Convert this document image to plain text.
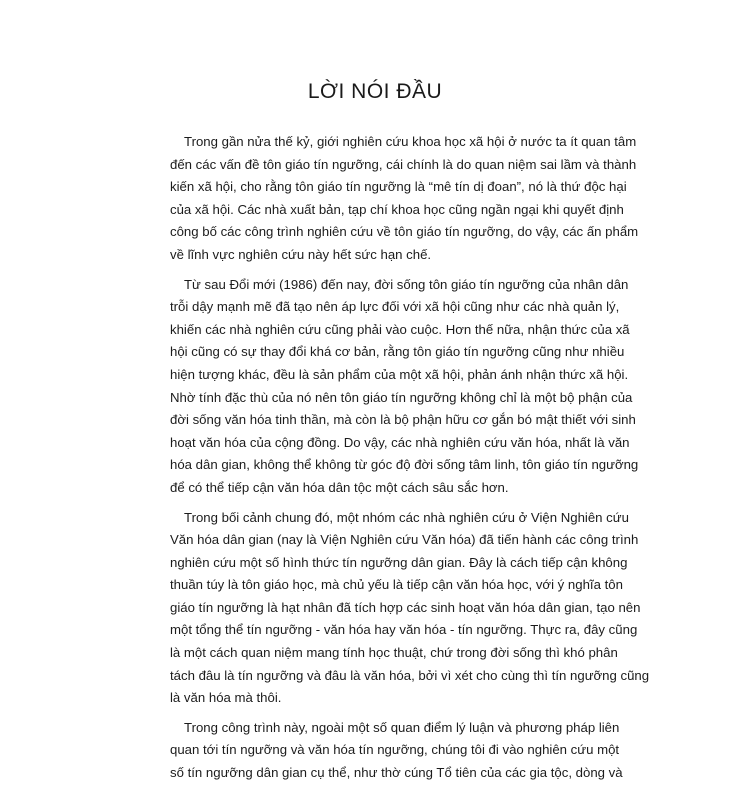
LỜI NÓI ĐẦU
Trong gần nửa thế kỷ, giới nghiên cứu khoa học xã hội ở nước ta ít quan tâm
đến các vấn đề tôn giáo tín ngưỡng, cái chính là do quan niệm sai lầm và thành
kiến xã hội, cho rằng tôn giáo tín ngưỡng là “mê tín dị đoan”, nó là thứ độc hại
của xã hội. Các nhà xuất bản, tạp chí khoa học cũng ngần ngại khi quyết định
công bố các công trình nghiên cứu về tôn giáo tín ngưỡng, do vậy, các ấn phẩm
về lĩnh vực nghiên cứu này hết sức hạn chế.
Từ sau Đổi mới (1986) đến nay, đời sống tôn giáo tín ngưỡng của nhân dân
trỗi dậy mạnh mẽ đã tạo nên áp lực đối với xã hội cũng như các nhà quản lý,
khiến các nhà nghiên cứu cũng phải vào cuộc. Hơn thế nữa, nhận thức của xã
hội cũng có sự thay đổi khá cơ bản, rằng tôn giáo tín ngưỡng cũng như nhiều
hiện tượng khác, đều là sản phẩm của một xã hội, phản ánh nhận thức xã hội.
Nhờ tính đặc thù của nó nên tôn giáo tín ngưỡng không chỉ là một bộ phận của
đời sống văn hóa tinh thần, mà còn là bộ phận hữu cơ gắn bó mật thiết với sinh
hoạt văn hóa của cộng đồng. Do vậy, các nhà nghiên cứu văn hóa, nhất là văn
hóa dân gian, không thể không từ góc độ đời sống tâm linh, tôn giáo tín ngưỡng
để có thể tiếp cận văn hóa dân tộc một cách sâu sắc hơn.
Trong bối cảnh chung đó, một nhóm các nhà nghiên cứu ở Viện Nghiên cứu
Văn hóa dân gian (nay là Viện Nghiên cứu Văn hóa) đã tiến hành các công trình
nghiên cứu một số hình thức tín ngưỡng dân gian. Đây là cách tiếp cận không
thuần túy là tôn giáo học, mà chủ yếu là tiếp cận văn hóa học, với ý nghĩa tôn
giáo tín ngưỡng là hạt nhân đã tích hợp các sinh hoạt văn hóa dân gian, tạo nên
một tổng thể tín ngưỡng - văn hóa hay văn hóa - tín ngưỡng. Thực ra, đây cũng
là một cách quan niệm mang tính học thuật, chứ trong đời sống thì khó phân
tách đâu là tín ngưỡng và đâu là văn hóa, bởi vì xét cho cùng thì tín ngưỡng cũng
là văn hóa mà thôi.
Trong công trình này, ngoài một số quan điểm lý luận và phương pháp liên
quan tới tín ngưỡng và văn hóa tín ngưỡng, chúng tôi đi vào nghiên cứu một
số tín ngưỡng dân gian cụ thể, như thờ cúng Tổ tiên của các gia tộc, dòng và
